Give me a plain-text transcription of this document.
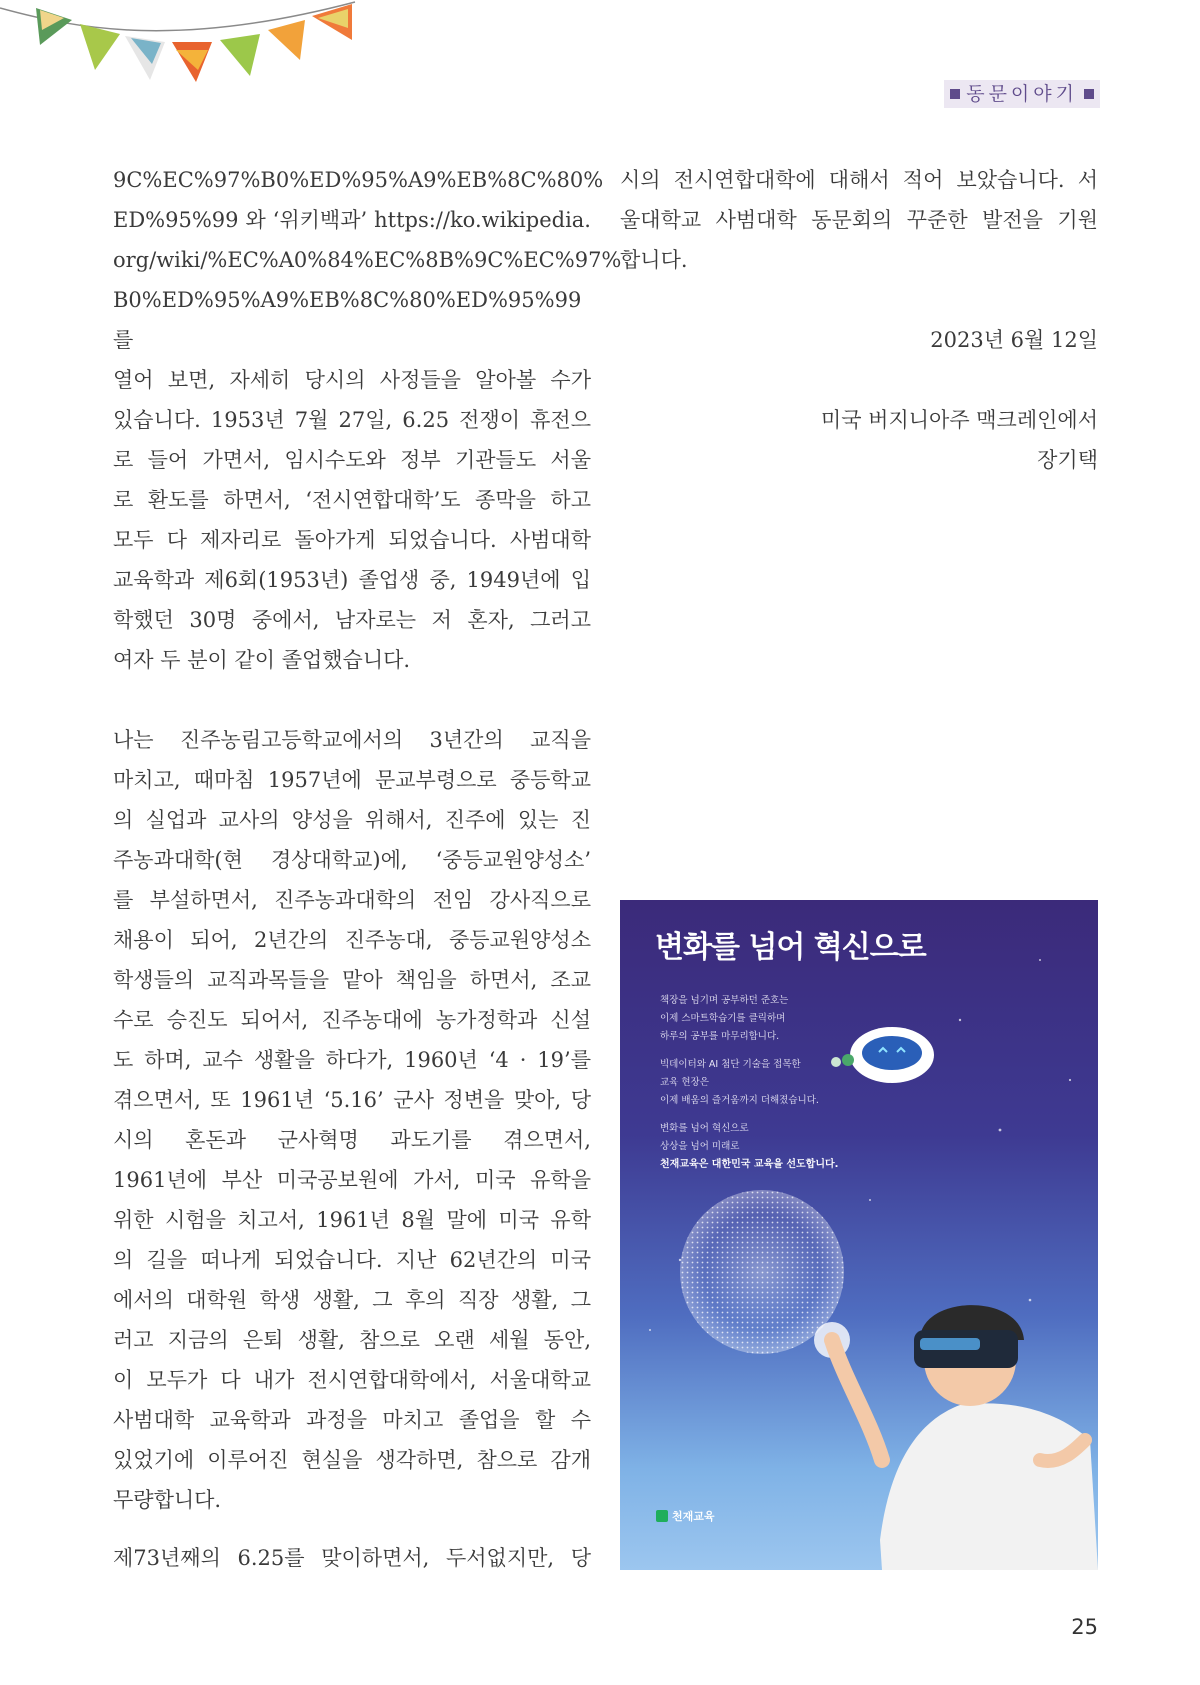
동문이야기

9C%EC%97%B0%ED%95%A9%EB%8C%80%

ED%95%99 와 ‘위키백과’ https://ko.wikipedia.

org/wiki/%EC%A0%84%EC%8B%9C%EC%97%

B0%ED%95%A9%EB%8C%80%ED%95%99 를

열어 보면, 자세히 당시의 사정들을 알아볼 수가

있습니다. 1953년 7월 27일, 6.25 전쟁이 휴전으

로 들어 가면서, 임시수도와 정부 기관들도 서울

로 환도를 하면서, ‘전시연합대학’도 종막을 하고

모두 다 제자리로 돌아가게 되었습니다. 사범대학

교육학과 제6회(1953년) 졸업생 중, 1949년에 입

학했던 30명 중에서, 남자로는 저 혼자, 그러고

여자 두 분이 같이 졸업했습니다.

나는 진주농림고등학교에서의 3년간의 교직을

마치고, 때마침 1957년에 문교부령으로 중등학교

의 실업과 교사의 양성을 위해서, 진주에 있는 진

주농과대학(현 경상대학교)에, ‘중등교원양성소’

를 부설하면서, 진주농과대학의 전임 강사직으로

채용이 되어, 2년간의 진주농대, 중등교원양성소

학생들의 교직과목들을 맡아 책임을 하면서, 조교

수로 승진도 되어서, 진주농대에 농가정학과 신설

도 하며, 교수 생활을 하다가, 1960년 ‘4 · 19’를

겪으면서, 또 1961년 ‘5.16’ 군사 정변을 맞아, 당

시의 혼돈과 군사혁명 과도기를 겪으면서,

1961년에 부산 미국공보원에 가서, 미국 유학을

위한 시험을 치고서, 1961년 8월 말에 미국 유학

의 길을 떠나게 되었습니다. 지난 62년간의 미국

에서의 대학원 학생 생활, 그 후의 직장 생활, 그

러고 지금의 은퇴 생활, 참으로 오랜 세월 동안,

이 모두가 다 내가 전시연합대학에서, 서울대학교

사범대학 교육학과 과정을 마치고 졸업을 할 수

있었기에 이루어진 현실을 생각하면, 참으로 감개

무량합니다.

제73년째의 6.25를 맞이하면서, 두서없지만, 당

시의 전시연합대학에 대해서 적어 보았습니다. 서

울대학교 사범대학 동문회의 꾸준한 발전을 기원

합니다.

2023년 6월 12일

미국 버지니아주 맥크레인에서

장기택

변화를 넘어 혁신으로
책장을 넘기며 공부하던 준호는
이제 스마트학습기를 클릭하며
하루의 공부를 마무리합니다.
빅데이터와 AI 첨단 기술을 접목한
교육 현장은
이제 배움의 즐거움까지 더해졌습니다.
변화를 넘어 혁신으로
상상을 넘어 미래로
천재교육은 대한민국 교육을 선도합니다.
천재교육
25
